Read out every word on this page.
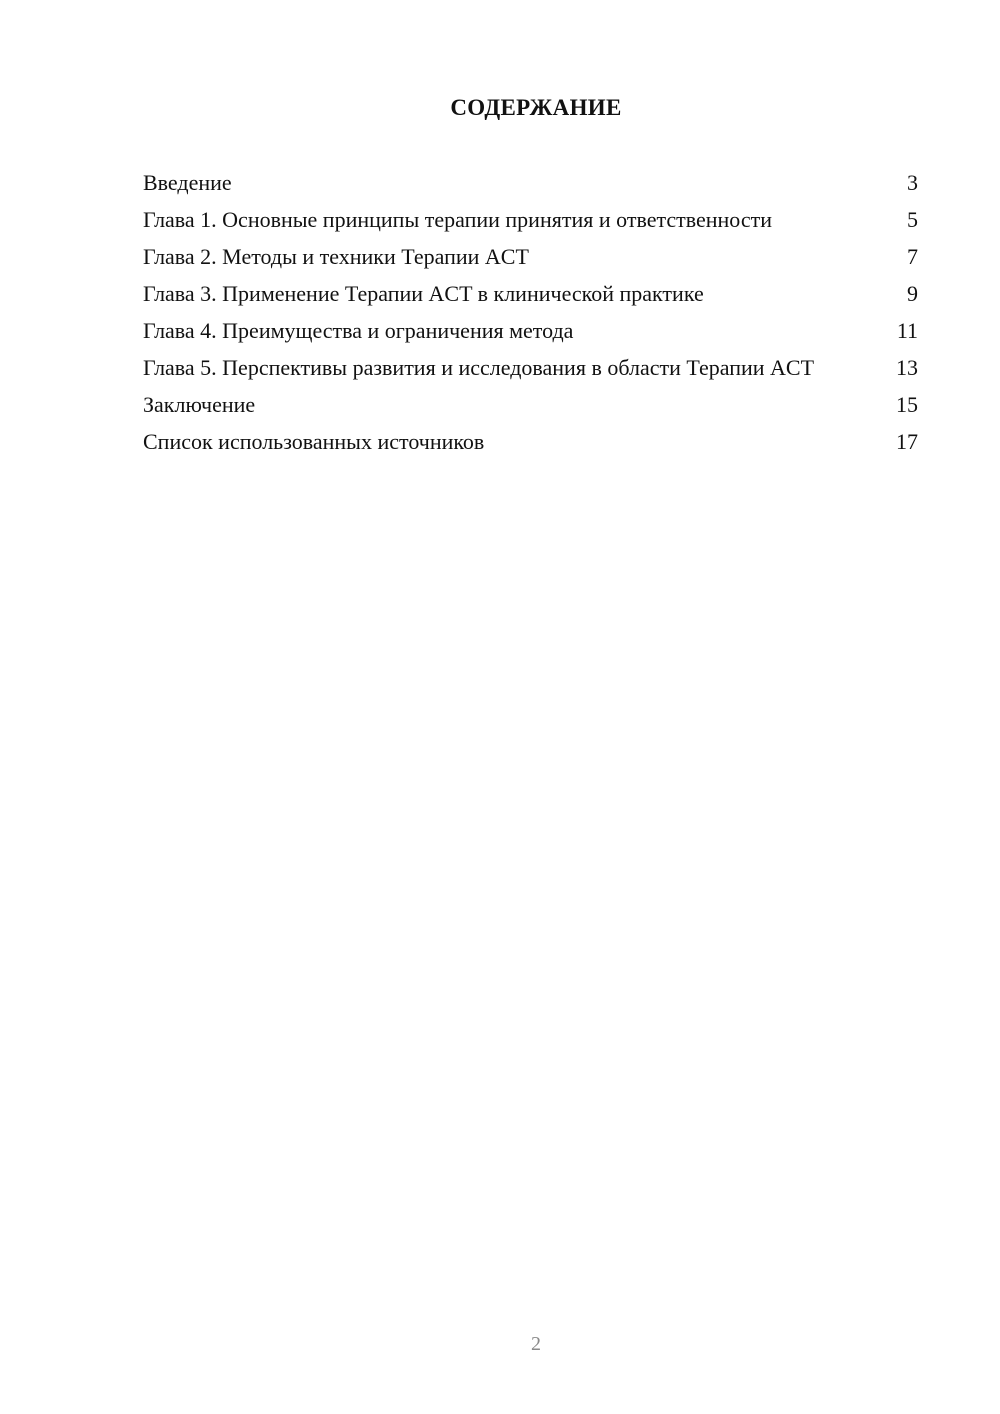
СОДЕРЖАНИЕ
Введение	3
Глава 1. Основные принципы терапии принятия и ответственности	5
Глава 2. Методы и техники Терапии ACT	7
Глава 3. Применение Терапии ACT в клинической практике	9
Глава 4. Преимущества и ограничения метода	11
Глава 5. Перспективы развития и исследования в области Терапии ACT	13
Заключение	15
Список использованных источников	17
2
